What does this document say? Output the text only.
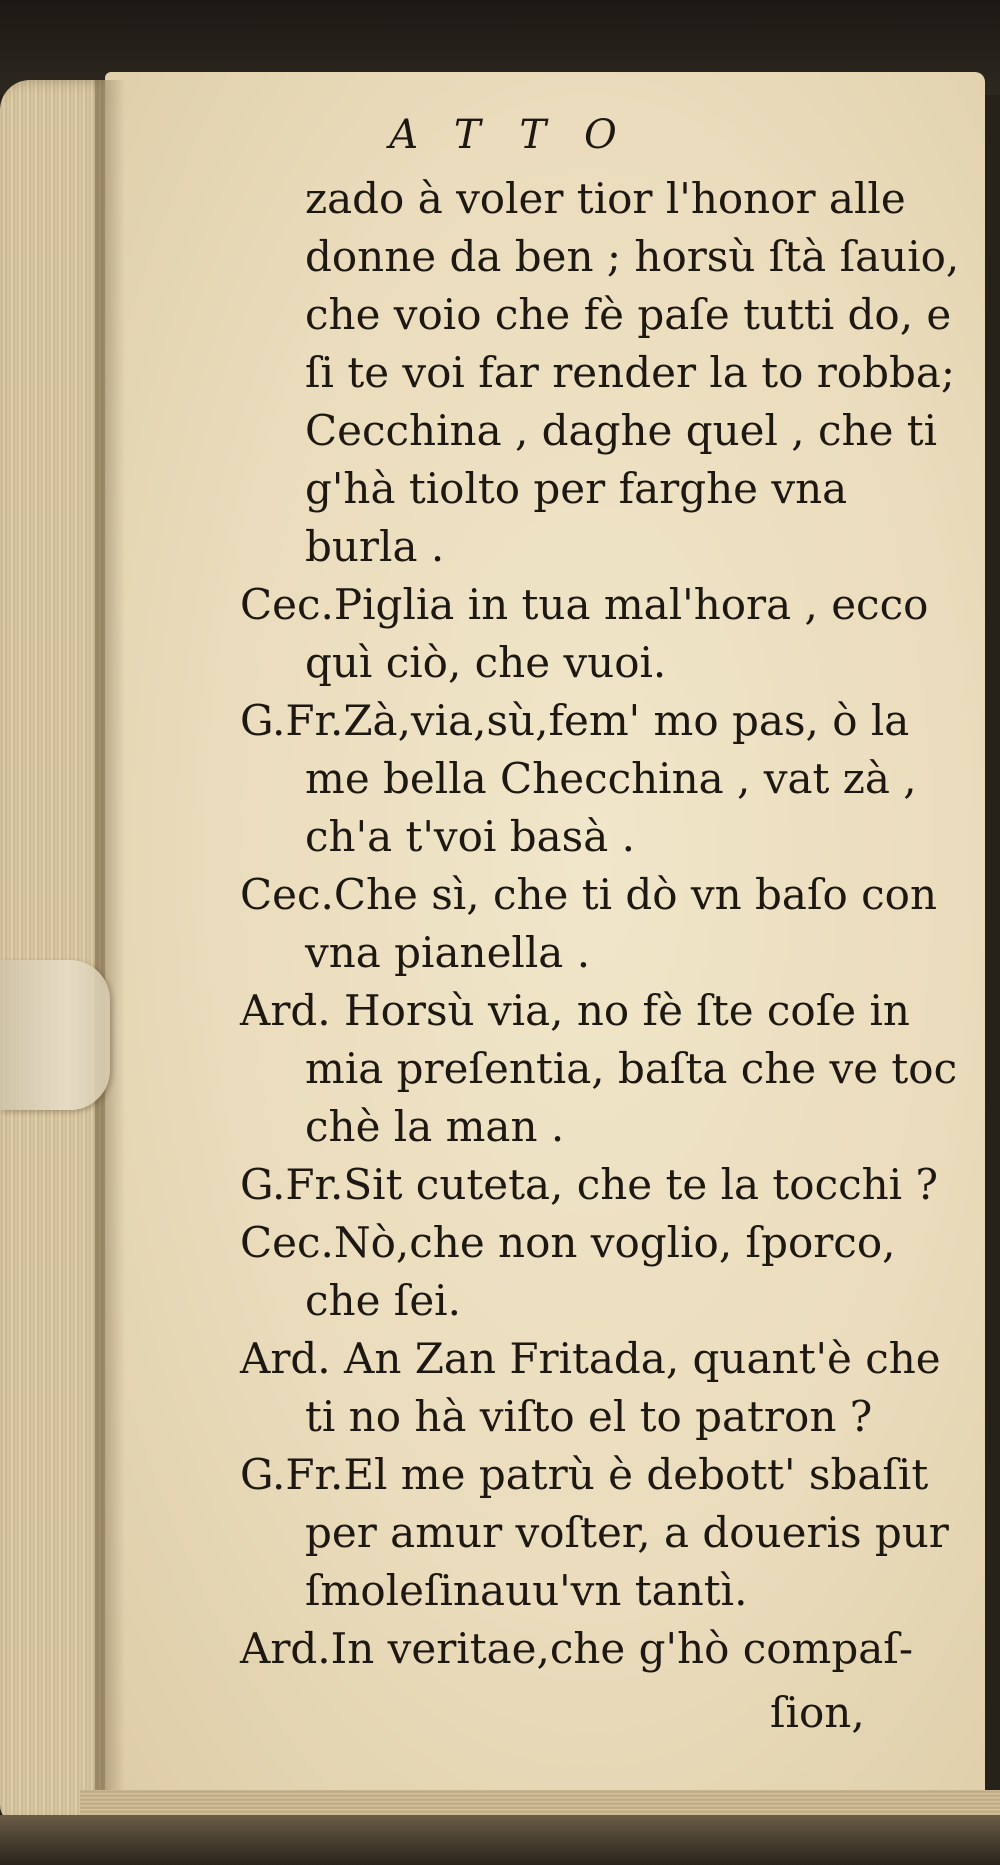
ATTO
zado à voler tior l'honor alle
donne da ben ; horsù ſtà ſauio,
che voio che fè paſe tutti do, e
ſi te voi far render la to robba;
Cecchina , daghe quel , che ti
g'hà tiolto per farghe vna
burla .
Cec.Piglia in tua mal'hora , ecco
quì ciò, che vuoi.
G.Fr.Zà,via,sù,fem' mo pas, ò la
me bella Checchina , vat zà ,
ch'a t'voi basà .
Cec.Che sì, che ti dò vn baſo con
vna pianella .
Ard. Horsù via, no fè ſte coſe in
mia preſentia, baſta che ve toc
chè la man .
G.Fr.Sit cuteta, che te la tocchi ?
Cec.Nò,che non voglio, ſporco,
che ſei.
Ard. An Zan Fritada, quant'è che
ti no hà viſto el to patron ?
G.Fr.El me patrù è debott' sbaſit
per amur voſter, a doueris pur
ſmoleſinauu'vn tantì.
Ard.In veritae,che g'hò compaſ-
ſion,
